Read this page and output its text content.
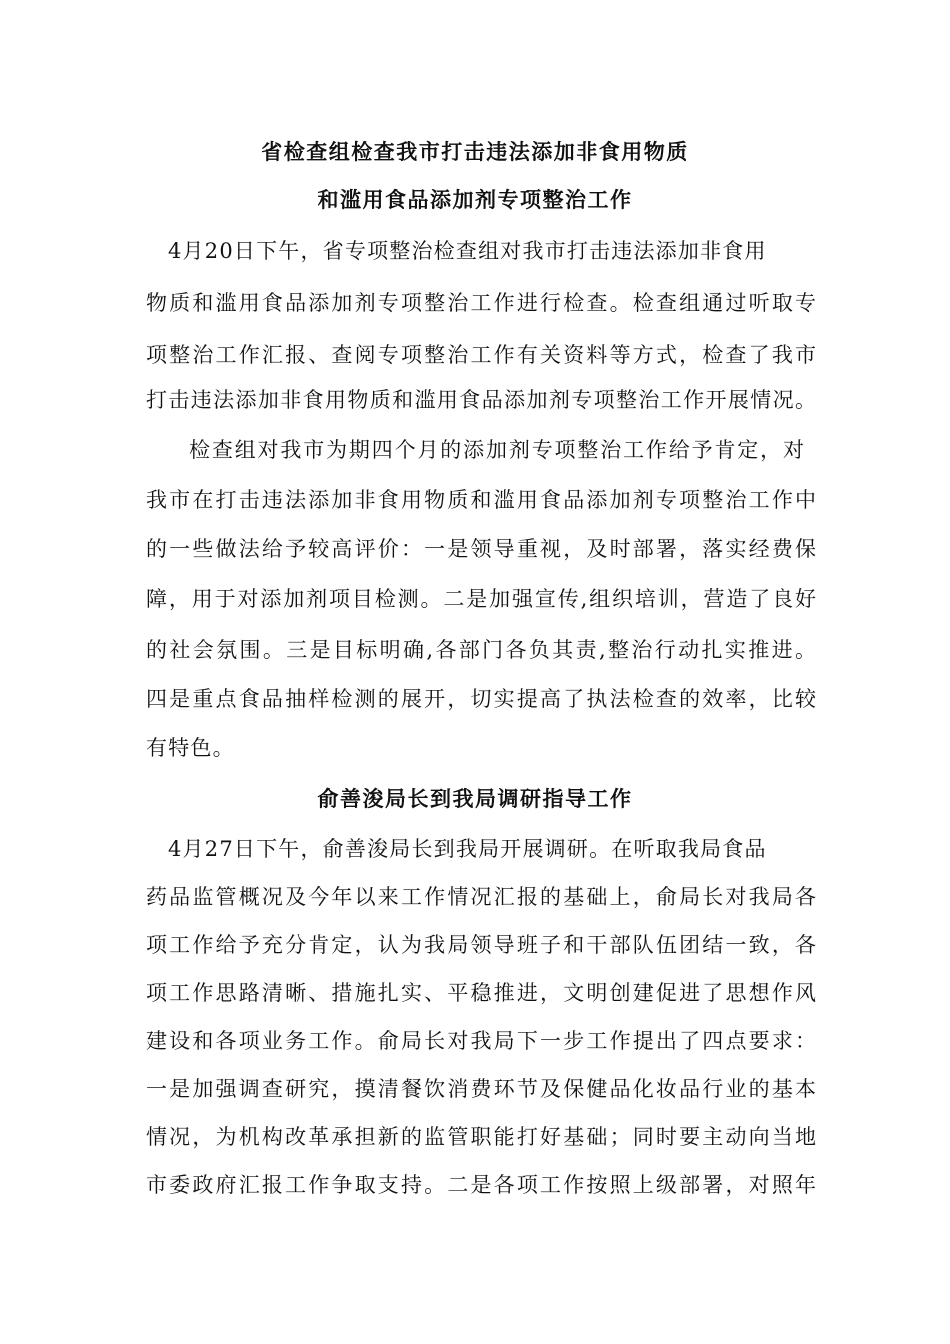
省检查组检查我市打击违法添加非食用物质
和滥用食品添加剂专项整治工作
4月20日下午，省专项整治检查组对我市打击违法添加非食用
物质和滥用食品添加剂专项整治工作进行检查。检查组通过听取专
项整治工作汇报、查阅专项整治工作有关资料等方式，检查了我市
打击违法添加非食用物质和滥用食品添加剂专项整治工作开展情况。
检查组对我市为期四个月的添加剂专项整治工作给予肯定，对
我市在打击违法添加非食用物质和滥用食品添加剂专项整治工作中
的一些做法给予较高评价：一是领导重视，及时部署，落实经费保
障，用于对添加剂项目检测。二是加强宣传,组织培训，营造了良好
的社会氛围。三是目标明确,各部门各负其责,整治行动扎实推进。
四是重点食品抽样检测的展开，切实提高了执法检查的效率，比较
有特色。
俞善浚局长到我局调研指导工作
4月27日下午，俞善浚局长到我局开展调研。在听取我局食品
药品监管概况及今年以来工作情况汇报的基础上，俞局长对我局各
项工作给予充分肯定，认为我局领导班子和干部队伍团结一致，各
项工作思路清晰、措施扎实、平稳推进，文明创建促进了思想作风
建设和各项业务工作。俞局长对我局下一步工作提出了四点要求：
一是加强调查研究，摸清餐饮消费环节及保健品化妆品行业的基本
情况，为机构改革承担新的监管职能打好基础；同时要主动向当地
市委政府汇报工作争取支持。二是各项工作按照上级部署，对照年
